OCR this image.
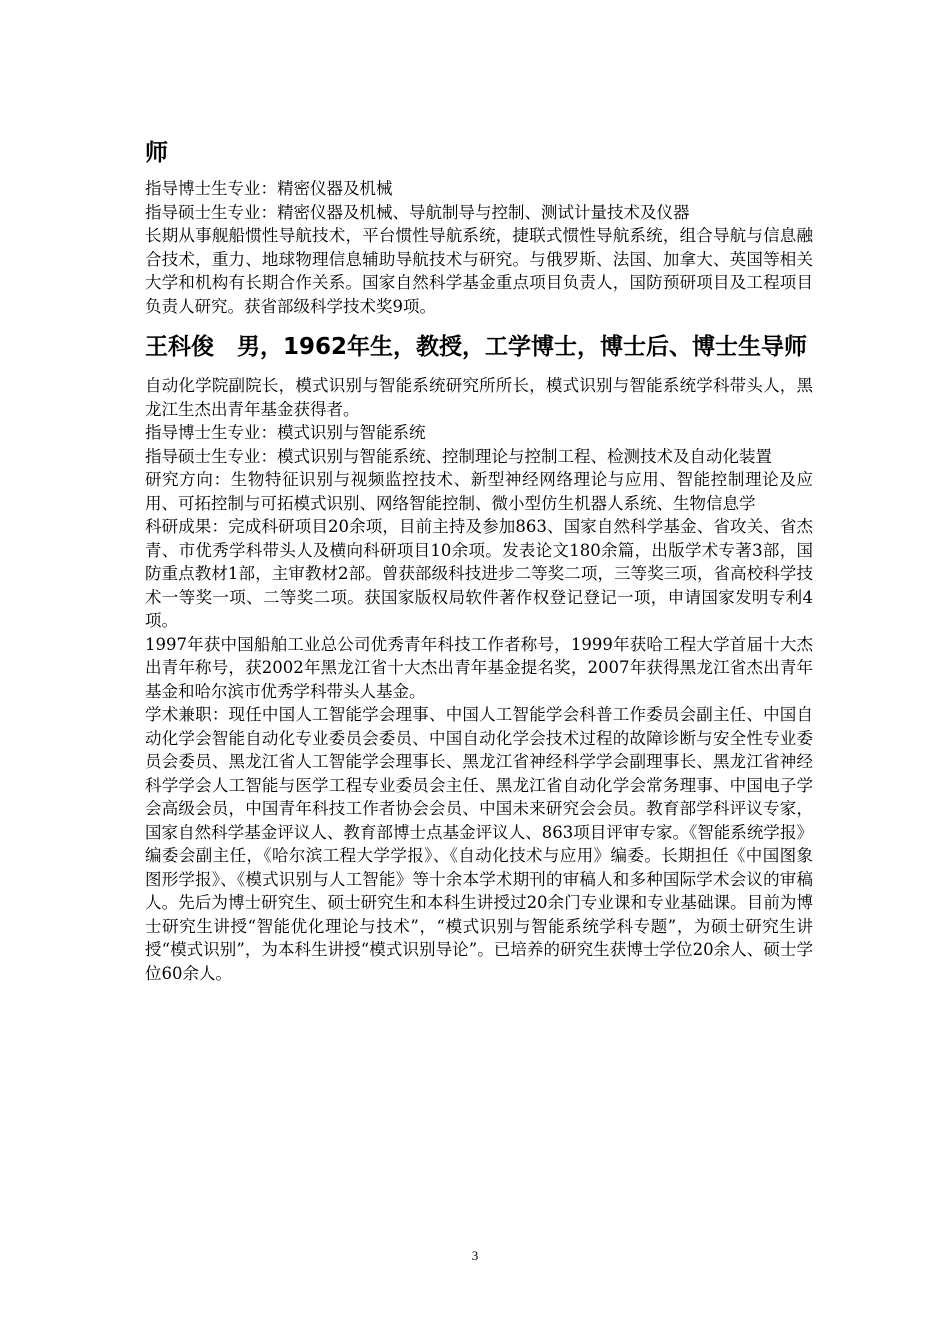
师

指导博士生专业：精密仪器及机械

指导硕士生专业：精密仪器及机械、导航制导与控制、测试计量技术及仪器

长期从事舰船惯性导航技术，平台惯性导航系统，捷联式惯性导航系统，组合导航与信息融合技术，重力、地球物理信息辅助导航技术与研究。与俄罗斯、法国、加拿大、英国等相关大学和机构有长期合作关系。国家自然科学基金重点项目负责人，国防预研项目及工程项目负责人研究。获省部级科学技术奖9项。

王科俊　男，1962年生，教授，工学博士，博士后、博士生导师

自动化学院副院长，模式识别与智能系统研究所所长，模式识别与智能系统学科带头人，黑龙江生杰出青年基金获得者。

指导博士生专业：模式识别与智能系统

指导硕士生专业：模式识别与智能系统、控制理论与控制工程、检测技术及自动化装置

研究方向：生物特征识别与视频监控技术、新型神经网络理论与应用、智能控制理论及应用、可拓控制与可拓模式识别、网络智能控制、微小型仿生机器人系统、生物信息学

科研成果：完成科研项目20余项，目前主持及参加863、国家自然科学基金、省攻关、省杰青、市优秀学科带头人及横向科研项目10余项。发表论文180余篇，出版学术专著3部，国防重点教材1部，主审教材2部。曾获部级科技进步二等奖二项，三等奖三项，省高校科学技术一等奖一项、二等奖二项。获国家版权局软件著作权登记登记一项，申请国家发明专利4项。

1997年获中国船舶工业总公司优秀青年科技工作者称号，1999年获哈工程大学首届十大杰出青年称号，获2002年黑龙江省十大杰出青年基金提名奖，2007年获得黑龙江省杰出青年基金和哈尔滨市优秀学科带头人基金。

学术兼职：现任中国人工智能学会理事、中国人工智能学会科普工作委员会副主任、中国自动化学会智能自动化专业委员会委员、中国自动化学会技术过程的故障诊断与安全性专业委员会委员、黑龙江省人工智能学会理事长、黑龙江省神经科学学会副理事长、黑龙江省神经科学学会人工智能与医学工程专业委员会主任、黑龙江省自动化学会常务理事、中国电子学会高级会员，中国青年科技工作者协会会员、中国未来研究会会员。教育部学科评议专家，国家自然科学基金评议人、教育部博士点基金评议人、863项目评审专家。《智能系统学报》编委会副主任，《哈尔滨工程大学学报》、《自动化技术与应用》编委。长期担任《中国图象图形学报》、《模式识别与人工智能》等十余本学术期刊的审稿人和多种国际学术会议的审稿人。先后为博士研究生、硕士研究生和本科生讲授过20余门专业课和专业基础课。目前为博士研究生讲授“智能优化理论与技术”，“模式识别与智能系统学科专题”，为硕士研究生讲授“模式识别”，为本科生讲授“模式识别导论”。已培养的研究生获博士学位20余人、硕士学位60余人。

3
